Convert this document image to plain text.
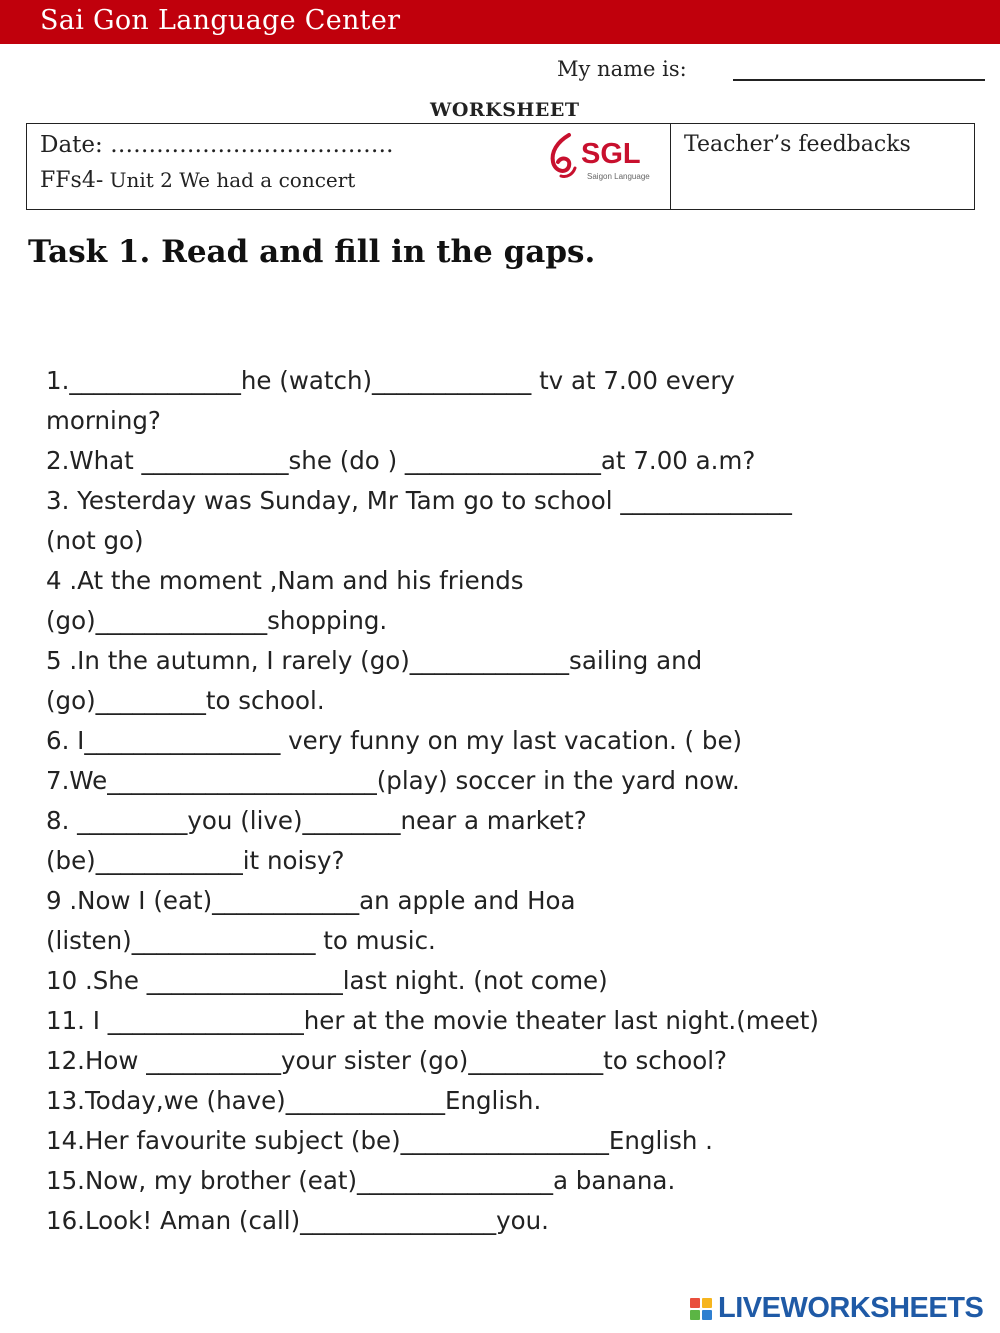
Sai Gon Language Center
My name is:
WORKSHEET
Date: ……………………………….
FFs4- Unit 2 We had a concert
SGL
Saigon Language
Teacher’s feedbacks
Task 1. Read and fill in the gaps.
1.______________he (watch)_____________ tv at 7.00 every
morning?
2.What ____________she (do ) ________________at 7.00 a.m?
3. Yesterday was Sunday, Mr Tam go to school ______________
(not go)
4 .At the moment ,Nam and his friends
(go)______________shopping.
5 .In the autumn, I rarely (go)_____________sailing and
(go)_________to school.
6. I________________ very funny on my last vacation. ( be)
7.We______________________(play) soccer in the yard now.
8. _________you (live)________near a market?
(be)____________it noisy?
9 .Now I (eat)____________an apple and Hoa
(listen)_______________ to music.
10 .She ________________last night. (not come)
11. I ________________her at the movie theater last night.(meet)
12.How ___________your sister (go)___________to school?
13.Today,we (have)_____________English.
14.Her favourite subject (be)_________________English .
15.Now, my brother (eat)________________a banana.
16.Look! Aman (call)________________you.
LIVEWORKSHEETS
